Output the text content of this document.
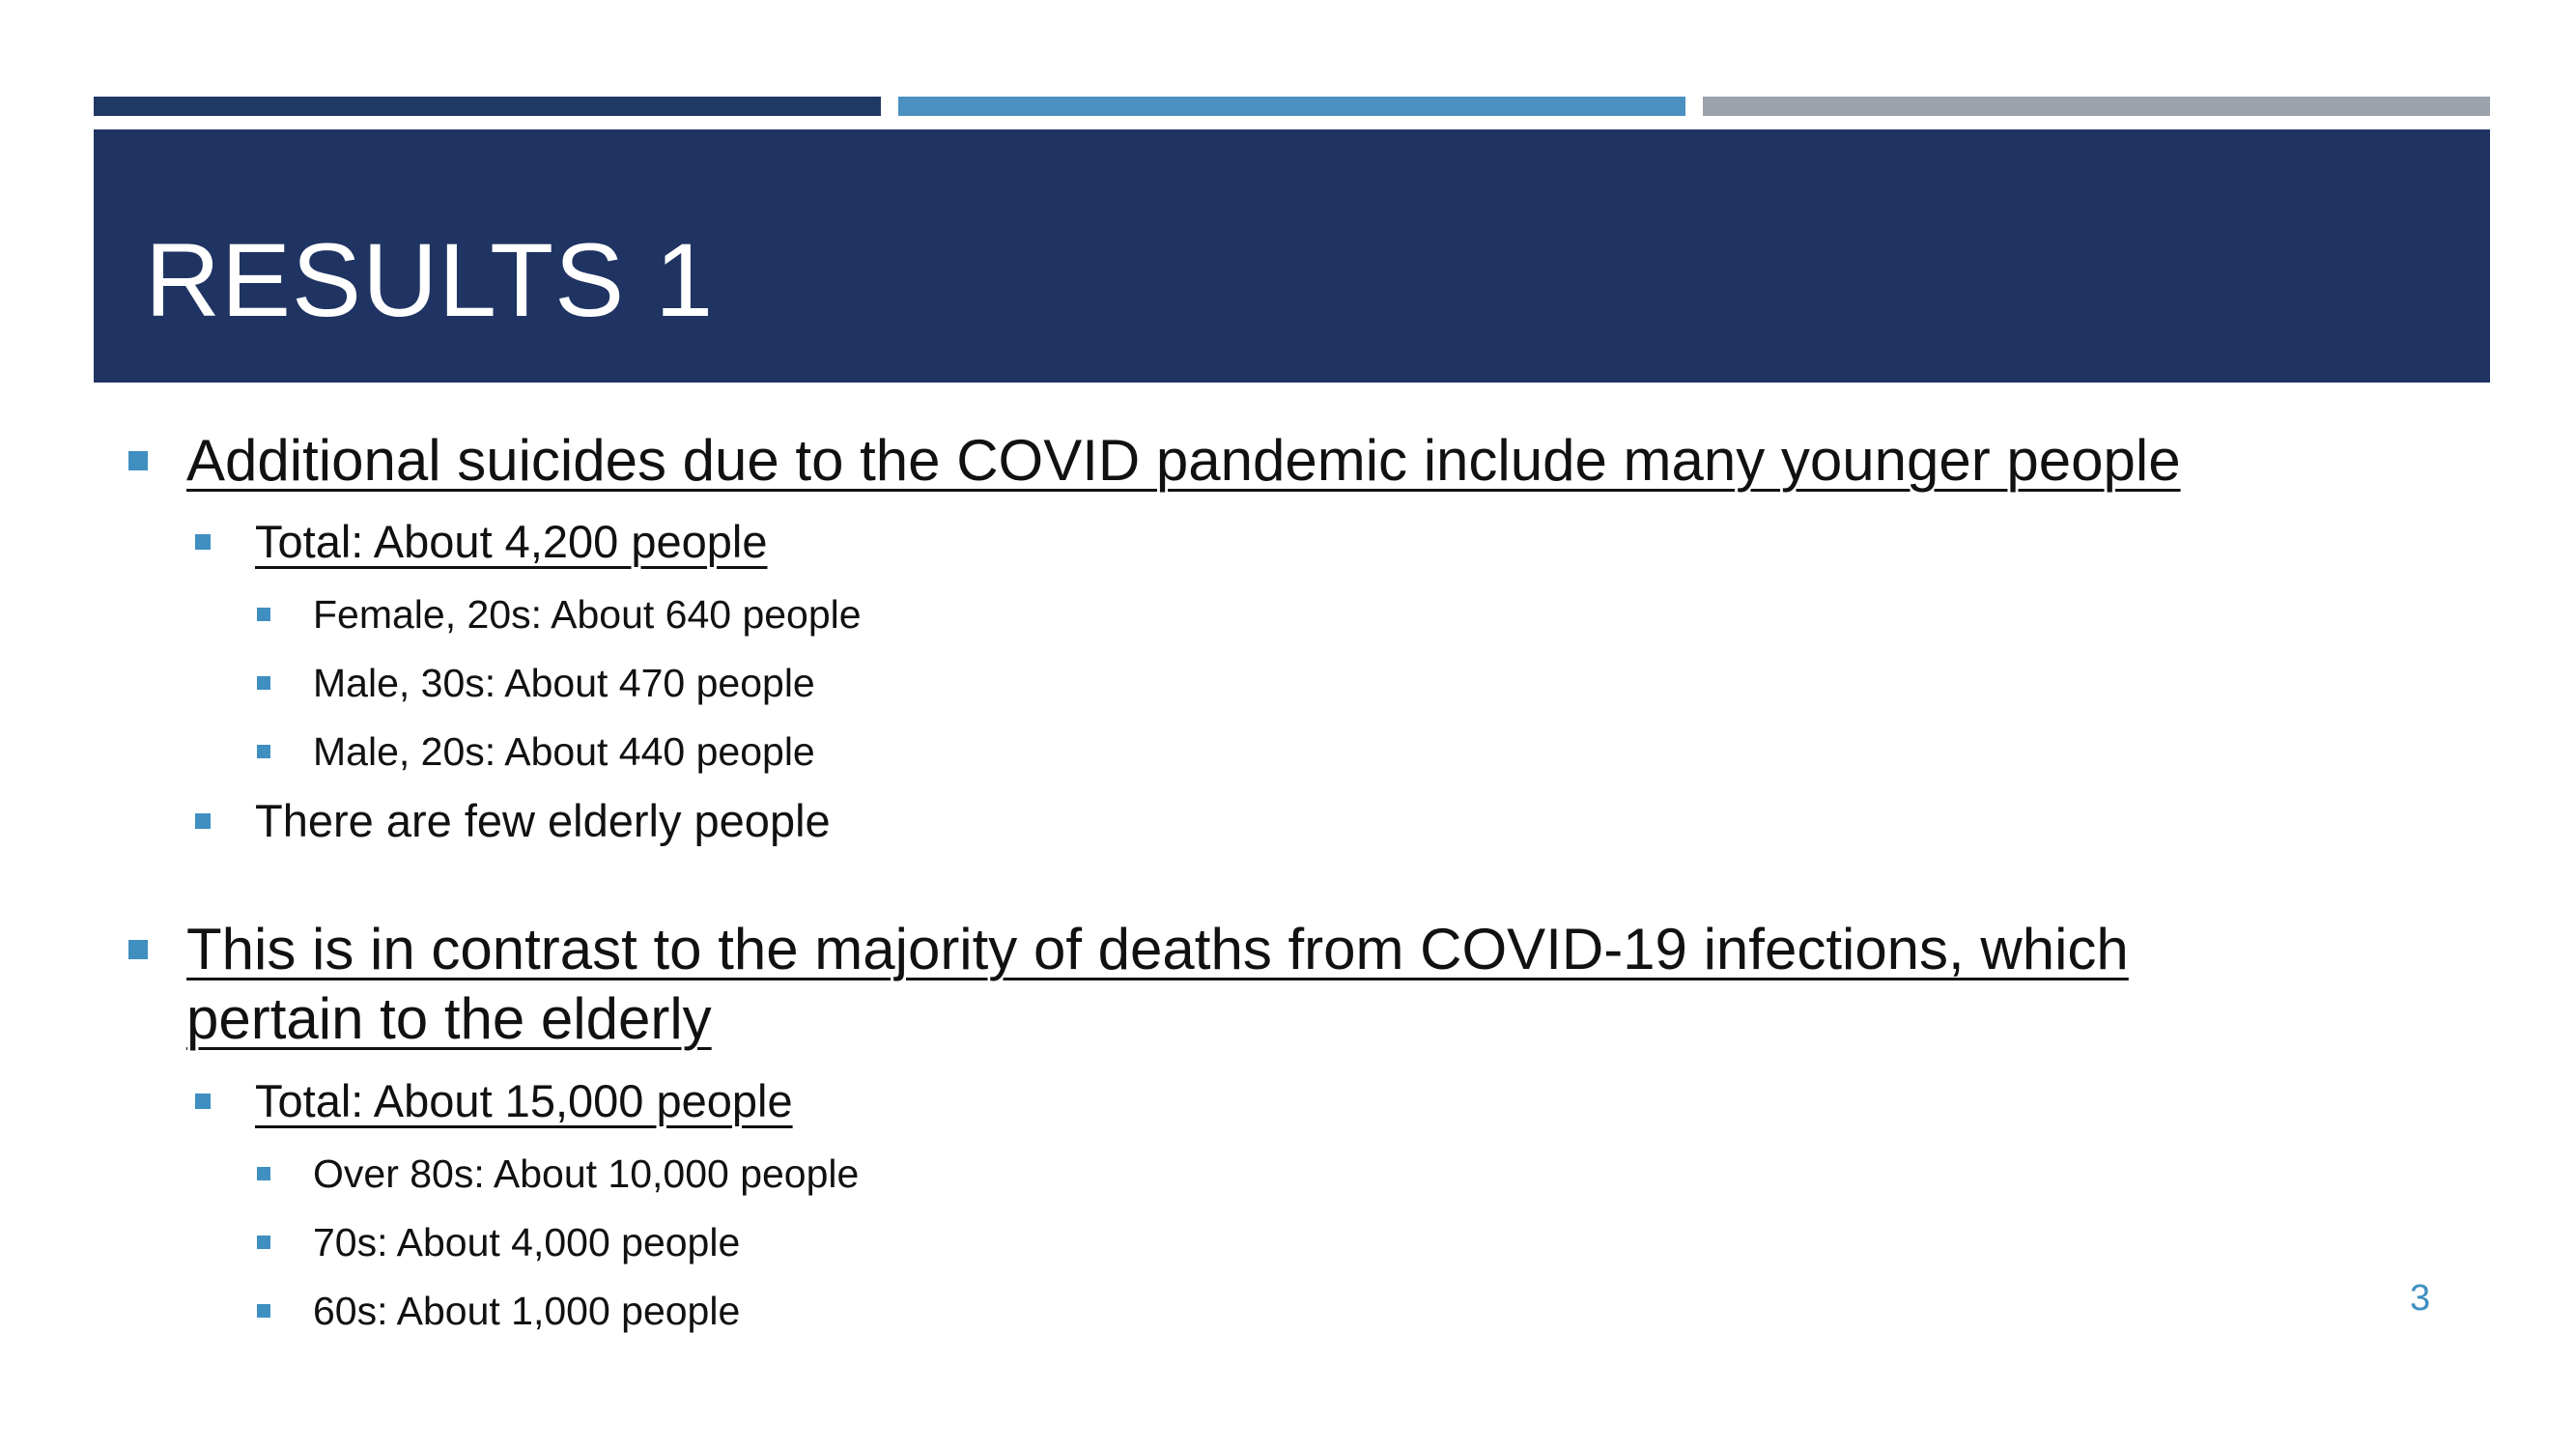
RESULTS 1
Additional suicides due to the COVID pandemic include many younger people
Total: About 4,200 people
Female, 20s: About 640 people
Male, 30s: About 470 people
Male, 20s: About 440 people
There are few elderly people
This is in contrast to the majority of deaths from COVID-19 infections, which
pertain to the elderly
Total: About 15,000 people
Over 80s: About 10,000 people
70s: About 4,000 people
60s: About 1,000 people	3
